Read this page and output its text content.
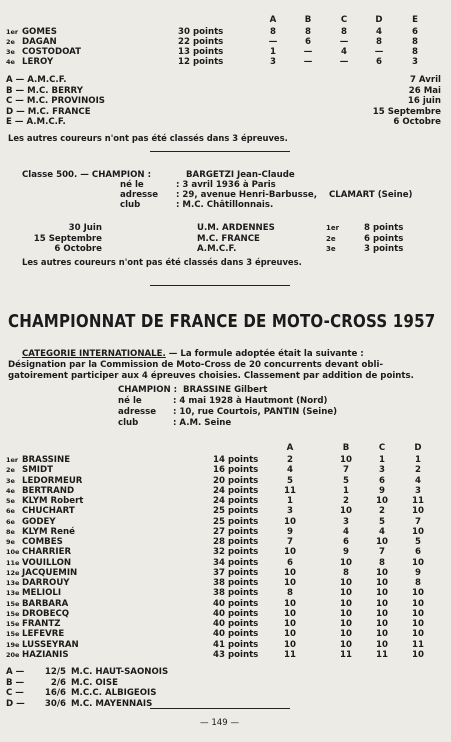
A	B	C	D	E
1er GOMES	30 points	8	8	8	4	6
2e DAGAN	22 points	—	6	—	8	8
3e COSTODOAT	13 points	1	—	4	—	8
4e LEROY	12 points	3	—	—	6	3
A — A.M.C.F.	7 Avril
B — M.C. BERRY	26 Mai
C — M.C. PROVINOIS	16 juin
D — M.C. FRANCE	15 Septembre
E — A.M.C.F.	6 Octobre
Les autres coureurs n'ont pas été classés dans 3 épreuves.
Classe 500. — CHAMPION :	BARGETZI Jean-Claude
né le	: 3 avril 1936 à Paris
adresse : 29, avenue Henri-Barbusse, CLAMART (Seine)
club	: M.C. Châtillonnais.
30 Juin	U.M. ARDENNES	1er	8 points
15 Septembre	M.C. FRANCE	2e	6 points
6 Octobre	A.M.C.F.	3e	3 points
Les autres coureurs n'ont pas été classés dans 3 épreuves.
CHAMPIONNAT DE FRANCE DE MOTO-CROSS 1957
CATEGORIE INTERNATIONALE. — La formule adoptée était la suivante :
Désignation par la Commission de Moto-Cross de 20 concurrents devant obli-
gatoirement participer aux 4 épreuves choisies. Classement par addition de points.
CHAMPION : BRASSINE Gilbert
né le	: 4 mai 1928 à Hautmont (Nord)
adresse : 10, rue Courtois, PANTIN (Seine)
club	: A.M. Seine
A	B	C	D
1er BRASSINE	14 points	2	10	1	1
2e SMIDT	16 points	4	7	3	2
3e LEDORMEUR	20 points	5	5	6	4
4e BERTRAND	24 points	11	1	9	3
5e KLYM Robert	24 points	1	2	10	11
6e CHUCHART	25 points	3	10	2	10
6e GODEY	25 points	10	3	5	7
8e KLYM René	27 points	9	4	4	10
9e COMBES	28 points	7	6	10	5
10e CHARRIER	32 points	10	9	7	6
11e VOUILLON	34 points	6	10	8	10
12e JACQUEMIN	37 points	10	8	10	9
13e DARROUY	38 points	10	10	10	8
13e MELIOLI	38 points	8	10	10	10
15e BARBARA	40 points	10	10	10	10
15e DROBECQ	40 points	10	10	10	10
15e FRANTZ	40 points	10	10	10	10
15e LEFEVRE	40 points	10	10	10	10
19e LUSSEYRAN	41 points	10	10	10	11
20e HAZIANIS	43 points	11	11	11	10
A — 12/5 M.C. HAUT-SAONOIS
B —	2/6 M.C. OISE
C — 16/6 M.C.C. ALBIGEOIS
D — 30/6 M.C. MAYENNAIS
— 149 —
